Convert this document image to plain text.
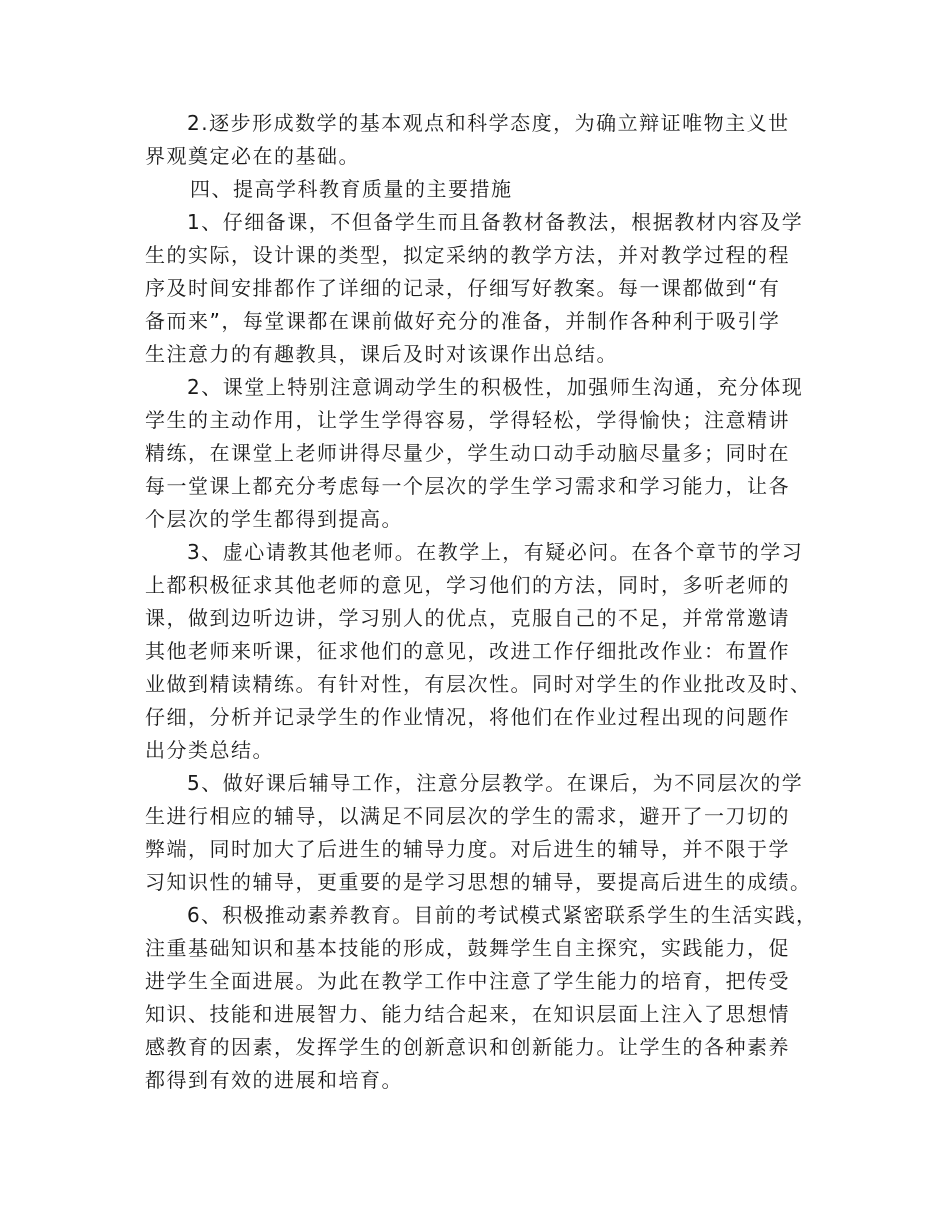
2.逐步形成数学的基本观点和科学态度，为确立辩证唯物主义世
界观奠定必在的基础。
四、提高学科教育质量的主要措施
1、仔细备课，不但备学生而且备教材备教法，根据教材内容及学
生的实际，设计课的类型，拟定采纳的教学方法，并对教学过程的程
序及时间安排都作了详细的记录，仔细写好教案。每一课都做到“有
备而来”，每堂课都在课前做好充分的准备，并制作各种利于吸引学
生注意力的有趣教具，课后及时对该课作出总结。
2、课堂上特别注意调动学生的积极性，加强师生沟通，充分体现
学生的主动作用，让学生学得容易，学得轻松，学得愉快；注意精讲
精练，在课堂上老师讲得尽量少，学生动口动手动脑尽量多；同时在
每一堂课上都充分考虑每一个层次的学生学习需求和学习能力，让各
个层次的学生都得到提高。
3、虚心请教其他老师。在教学上，有疑必问。在各个章节的学习
上都积极征求其他老师的意见，学习他们的方法，同时，多听老师的
课，做到边听边讲，学习别人的优点，克服自己的不足，并常常邀请
其他老师来听课，征求他们的意见，改进工作仔细批改作业：布置作
业做到精读精练。有针对性，有层次性。同时对学生的作业批改及时、
仔细，分析并记录学生的作业情况，将他们在作业过程出现的问题作
出分类总结。
5、做好课后辅导工作，注意分层教学。在课后，为不同层次的学
生进行相应的辅导，以满足不同层次的学生的需求，避开了一刀切的
弊端，同时加大了后进生的辅导力度。对后进生的辅导，并不限于学
习知识性的辅导，更重要的是学习思想的辅导，要提高后进生的成绩。
6、积极推动素养教育。目前的考试模式紧密联系学生的生活实践，
注重基础知识和基本技能的形成，鼓舞学生自主探究，实践能力，促
进学生全面进展。为此在教学工作中注意了学生能力的培育，把传受
知识、技能和进展智力、能力结合起来，在知识层面上注入了思想情
感教育的因素，发挥学生的创新意识和创新能力。让学生的各种素养
都得到有效的进展和培育。
